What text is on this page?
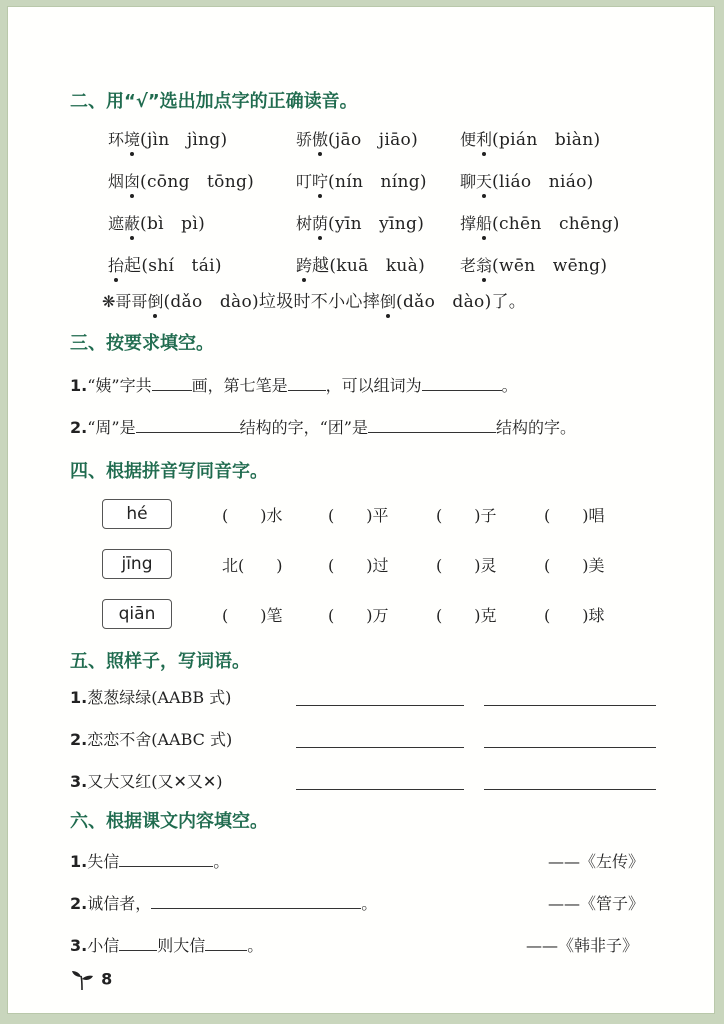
二、用“√”选出加点字的正确读音。
环境(jìn　jìng)	骄傲(jāo　jiāo)	便利(pián　biàn)
烟囱(cōng　tōng)	叮咛(nín　níng) 聊天(liáo　niáo)
遮蔽(bì　pì)	树荫(yīn　yīng) 撑船(chēn　chēng)
抬起(shí　tái)	跨越(kuā　kuà) 老翁(wēn　wēng)
❋哥哥倒(dǎo　dào)垃圾时不小心摔倒(dǎo　dào)了。
三、按要求填空。
1.“姨”字共	画，第七笔是 ，可以组词为	。
2.“周”是	结构的字，“团”是	结构的字。
四、根据拼音写同音字。
hé	(　　)水	(　　)平	(　　)子	(　　)唱
jīng	北(　　)	(　　)过	(　　)灵	(　　)美
qiān	(　　)笔	(　　)万	(　　)克	(　　)球
五、照样子，写词语。
1.葱葱绿绿(AABB 式)
2.恋恋不舍(AABC 式)
3.又大又红(又✕又✕)
六、根据课文内容填空。
1.失信	。	——《左传》
2.诚信者，	。	——《管子》
3.小信 则大信	。	——《韩非子》
8
